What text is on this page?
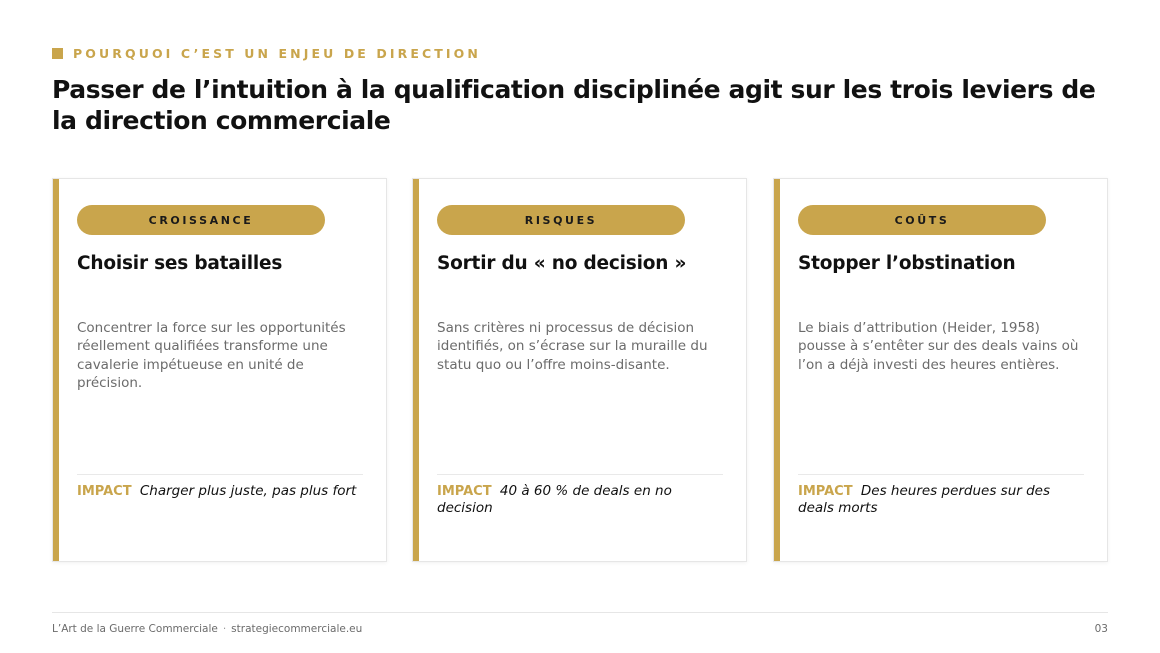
POURQUOI C’EST UN ENJEU DE DIRECTION
Passer de l’intuition à la qualification disciplinée agit sur les trois leviers de la direction commerciale
CROISSANCE
Choisir ses batailles
Concentrer la force sur les opportunités réellement qualifiées transforme une cavalerie impétueuse en unité de précision.
IMPACT Charger plus juste, pas plus fort
RISQUES
Sortir du « no decision »
Sans critères ni processus de décision identifiés, on s’écrase sur la muraille du statu quo ou l’offre moins-disante.
IMPACT 40 à 60 % de deals en no decision
COÛTS
Stopper l’obstination
Le biais d’attribution (Heider, 1958) pousse à s’entêter sur des deals vains où l’on a déjà investi des heures entières.
IMPACT Des heures perdues sur des deals morts
L’Art de la Guerre Commerciale · strategiecommerciale.eu	03
